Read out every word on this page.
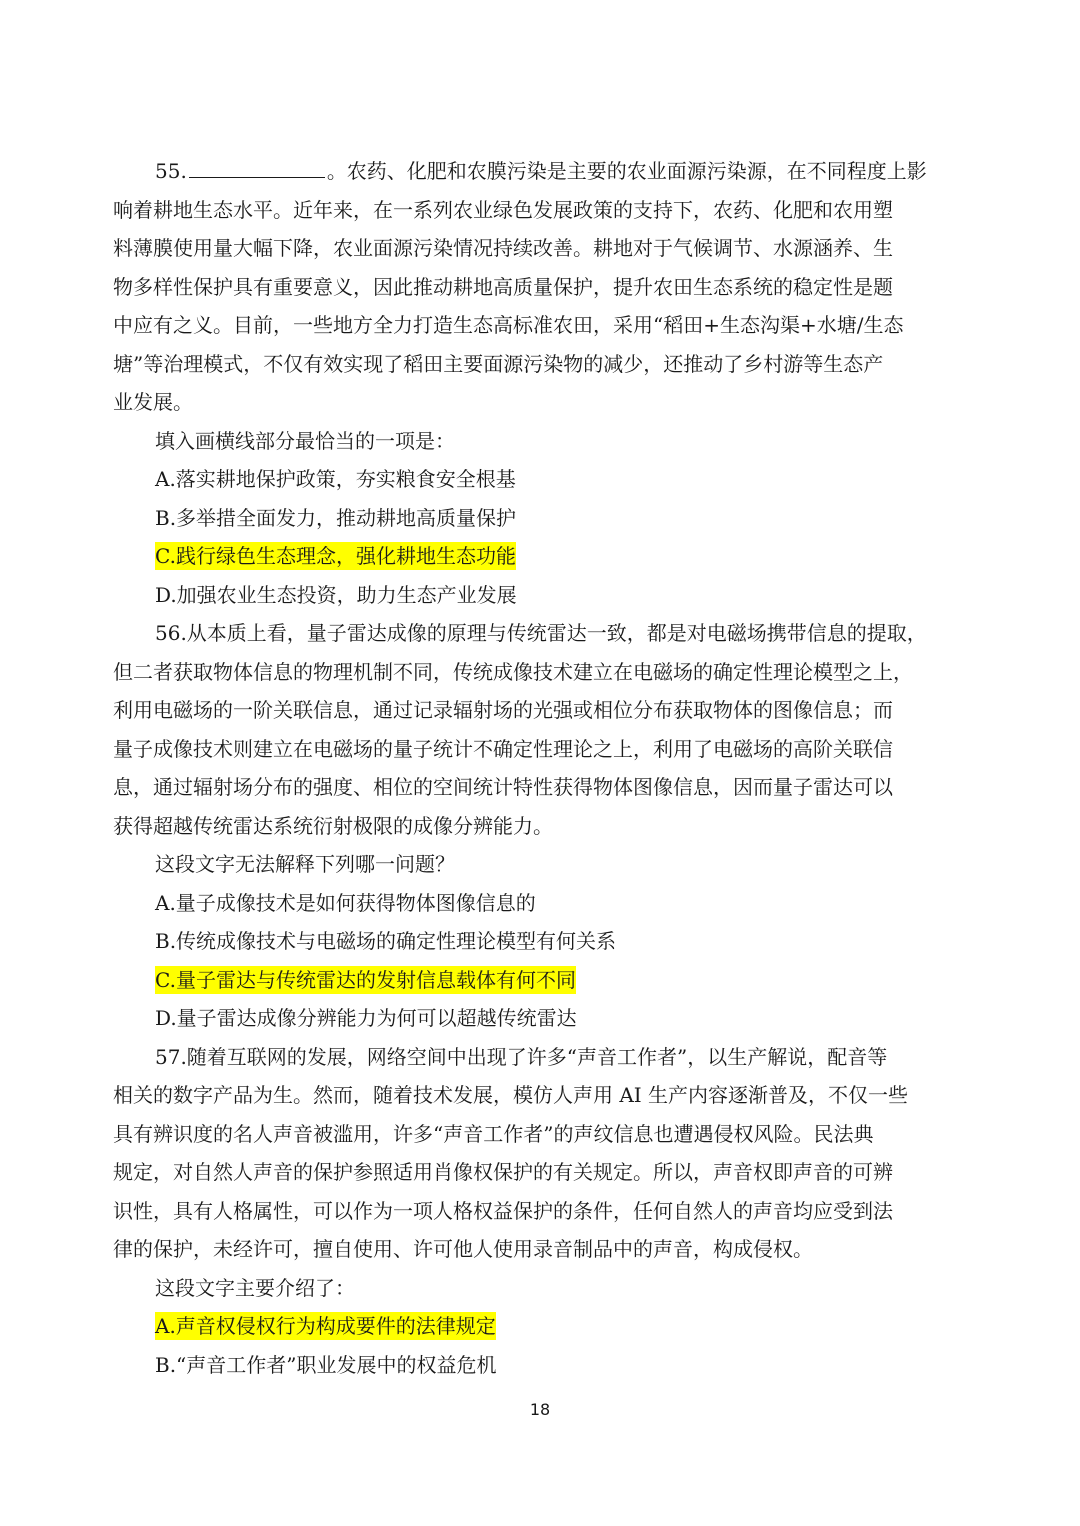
55.	。农药、化肥和农膜污染是主要的农业面源污染源，在不同程度上影
响着耕地生态水平。近年来，在一系列农业绿色发展政策的支持下，农药、化肥和农用塑
料薄膜使用量大幅下降，农业面源污染情况持续改善。耕地对于气候调节、水源涵养、生
物多样性保护具有重要意义，因此推动耕地高质量保护，提升农田生态系统的稳定性是题
中应有之义。目前，一些地方全力打造生态高标准农田，采用“稻田+生态沟渠+水塘/生态
塘”等治理模式，不仅有效实现了稻田主要面源污染物的减少，还推动了乡村游等生态产
业发展。
填入画横线部分最恰当的一项是：
A.落实耕地保护政策，夯实粮食安全根基
B.多举措全面发力，推动耕地高质量保护
C.践行绿色生态理念，强化耕地生态功能
D.加强农业生态投资，助力生态产业发展
56.从本质上看，量子雷达成像的原理与传统雷达一致，都是对电磁场携带信息的提取，
但二者获取物体信息的物理机制不同，传统成像技术建立在电磁场的确定性理论模型之上，
利用电磁场的一阶关联信息，通过记录辐射场的光强或相位分布获取物体的图像信息；而
量子成像技术则建立在电磁场的量子统计不确定性理论之上，利用了电磁场的高阶关联信
息，通过辐射场分布的强度、相位的空间统计特性获得物体图像信息，因而量子雷达可以
获得超越传统雷达系统衍射极限的成像分辨能力。
这段文字无法解释下列哪一问题？
A.量子成像技术是如何获得物体图像信息的
B.传统成像技术与电磁场的确定性理论模型有何关系
C.量子雷达与传统雷达的发射信息载体有何不同
D.量子雷达成像分辨能力为何可以超越传统雷达
57.随着互联网的发展，网络空间中出现了许多“声音工作者”，以生产解说，配音等
相关的数字产品为生。然而，随着技术发展，模仿人声用 AI 生产内容逐渐普及，不仅一些
具有辨识度的名人声音被滥用，许多“声音工作者”的声纹信息也遭遇侵权风险。民法典
规定，对自然人声音的保护参照适用肖像权保护的有关规定。所以，声音权即声音的可辨
识性，具有人格属性，可以作为一项人格权益保护的条件，任何自然人的声音均应受到法
律的保护，未经许可，擅自使用、许可他人使用录音制品中的声音，构成侵权。
这段文字主要介绍了：
A.声音权侵权行为构成要件的法律规定
B.“声音工作者”职业发展中的权益危机
18
